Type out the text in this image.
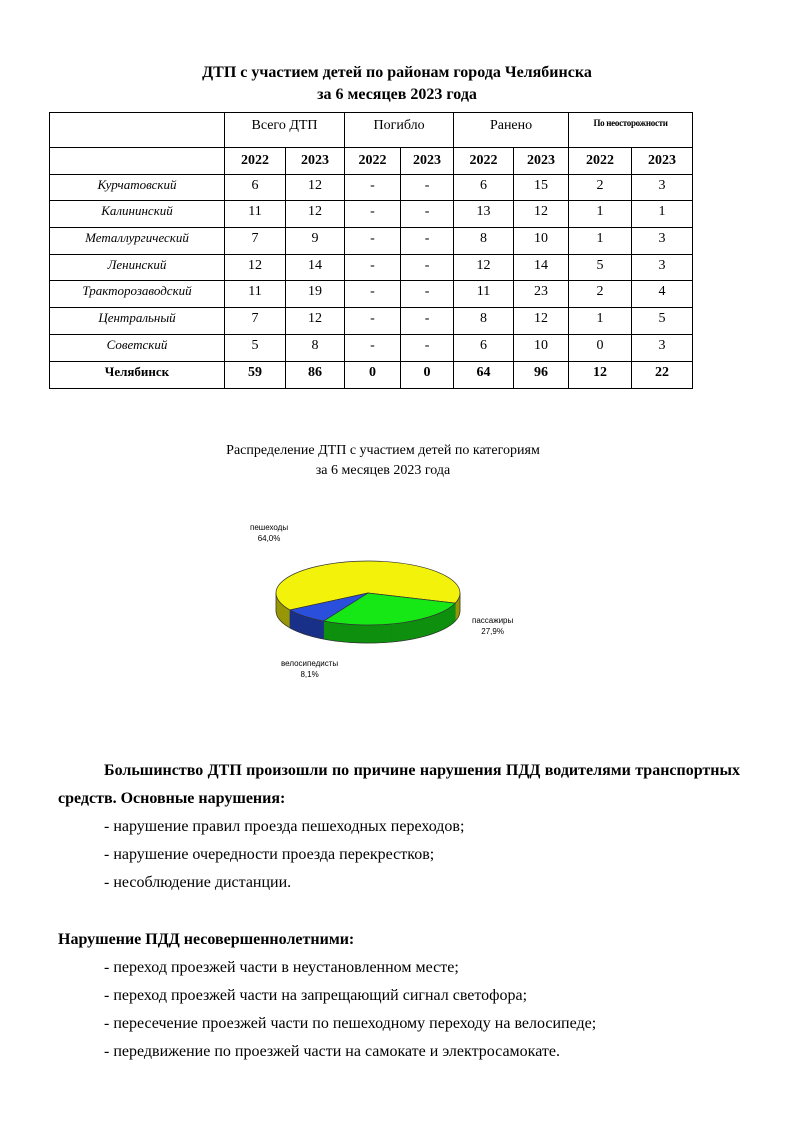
ДТП с участием детей по районам города Челябинска
за 6 месяцев 2023 года
	Всего ДТП		Погибло		Ранено		По неосторожности	
	2022	2023	2022	2023	2022	2023	2022	2023
Курчатовский	6	12	-	-	6	15	2	3
Калининский	11	12	-	-	13	12	1	1
Металлургический	7	9	-	-	8	10	1	3
Ленинский	12	14	-	-	12	14	5	3
Тракторозаводский	11	19	-	-	11	23	2	4
Центральный	7	12	-	-	8	12	1	5
Советский	5	8	-	-	6	10	0	3
Челябинск	59	86	0	0	64	96	12	22
Распределение ДТП с участием детей по категориям
за 6 месяцев 2023 года
пешеходы
64,0%
пассажиры
27,9%
велосипедисты
8,1%
Большинство ДТП произошли по причине нарушения ПДД водителями транспортных средств. Основные нарушения:
- нарушение правил проезда пешеходных переходов;
- нарушение очередности проезда перекрестков;
- несоблюдение дистанции.
Нарушение ПДД несовершеннолетними:
- переход проезжей части в неустановленном месте;
- переход проезжей части на запрещающий сигнал светофора;
- пересечение проезжей части по пешеходному переходу на велосипеде;
- передвижение по проезжей части на самокате и электросамокате.
